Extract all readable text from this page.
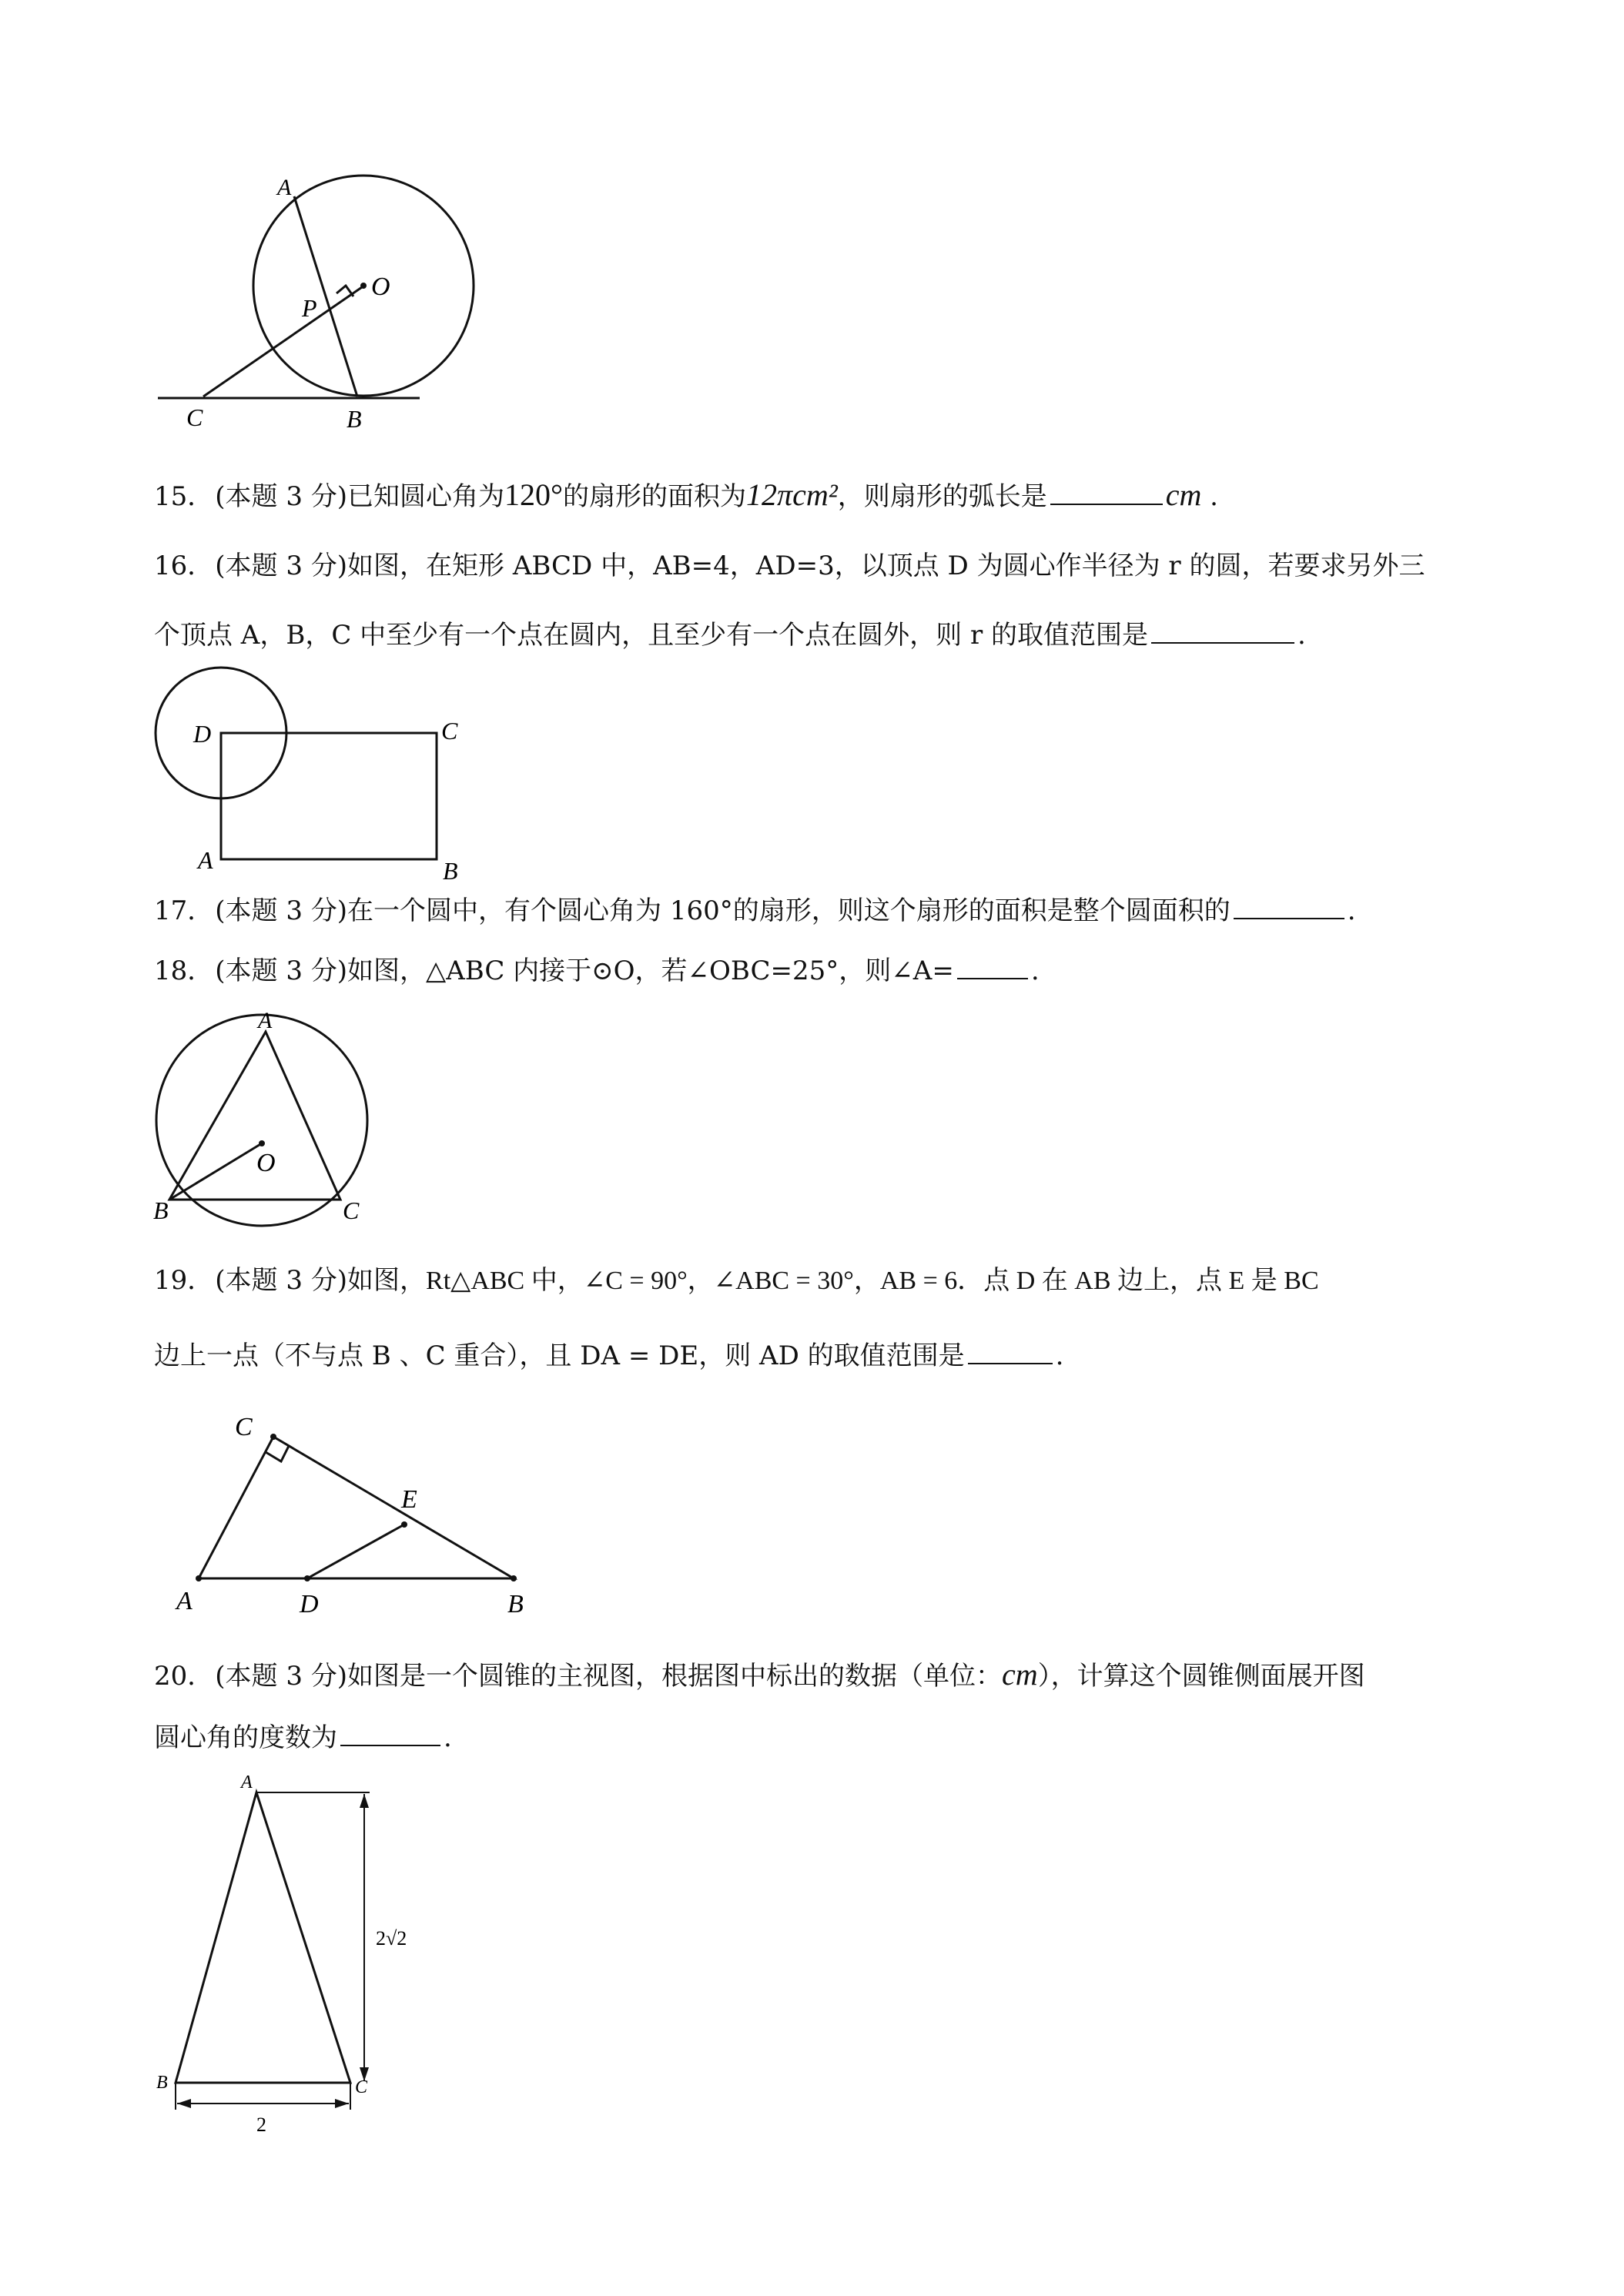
A
O
P
C	B
15．(本题 3 分)已知圆心角为120°的扇形的面积为12πcm²，则扇形的弧长是	cm .
16．(本题 3 分)如图，在矩形 ABCD 中，AB=4，AD=3，以顶点 D 为圆心作半径为 r 的圆，若要求另外三
个顶点 A，B，C 中至少有一个点在圆内，且至少有一个点在圆外，则 r 的取值范围是	.
D	C
A	B
17．(本题 3 分)在一个圆中，有个圆心角为 160°的扇形，则这个扇形的面积是整个圆面积的	.
18．(本题 3 分)如图，△ABC 内接于⊙O，若∠OBC=25°，则∠A=	.
A
O
B	C
19．(本题 3 分)如图，Rt△ABC 中，∠C = 90°，∠ABC = 30°，AB = 6．点 D 在 AB 边上，点 E 是 BC
边上一点（不与点 B 、C 重合），且 DA = DE，则 AD 的取值范围是	.
C
E
A	D	B
20．(本题 3 分)如图是一个圆锥的主视图，根据图中标出的数据（单位：cm），计算这个圆锥侧面展开图
圆心角的度数为	.
A
B	C
2√2
2
